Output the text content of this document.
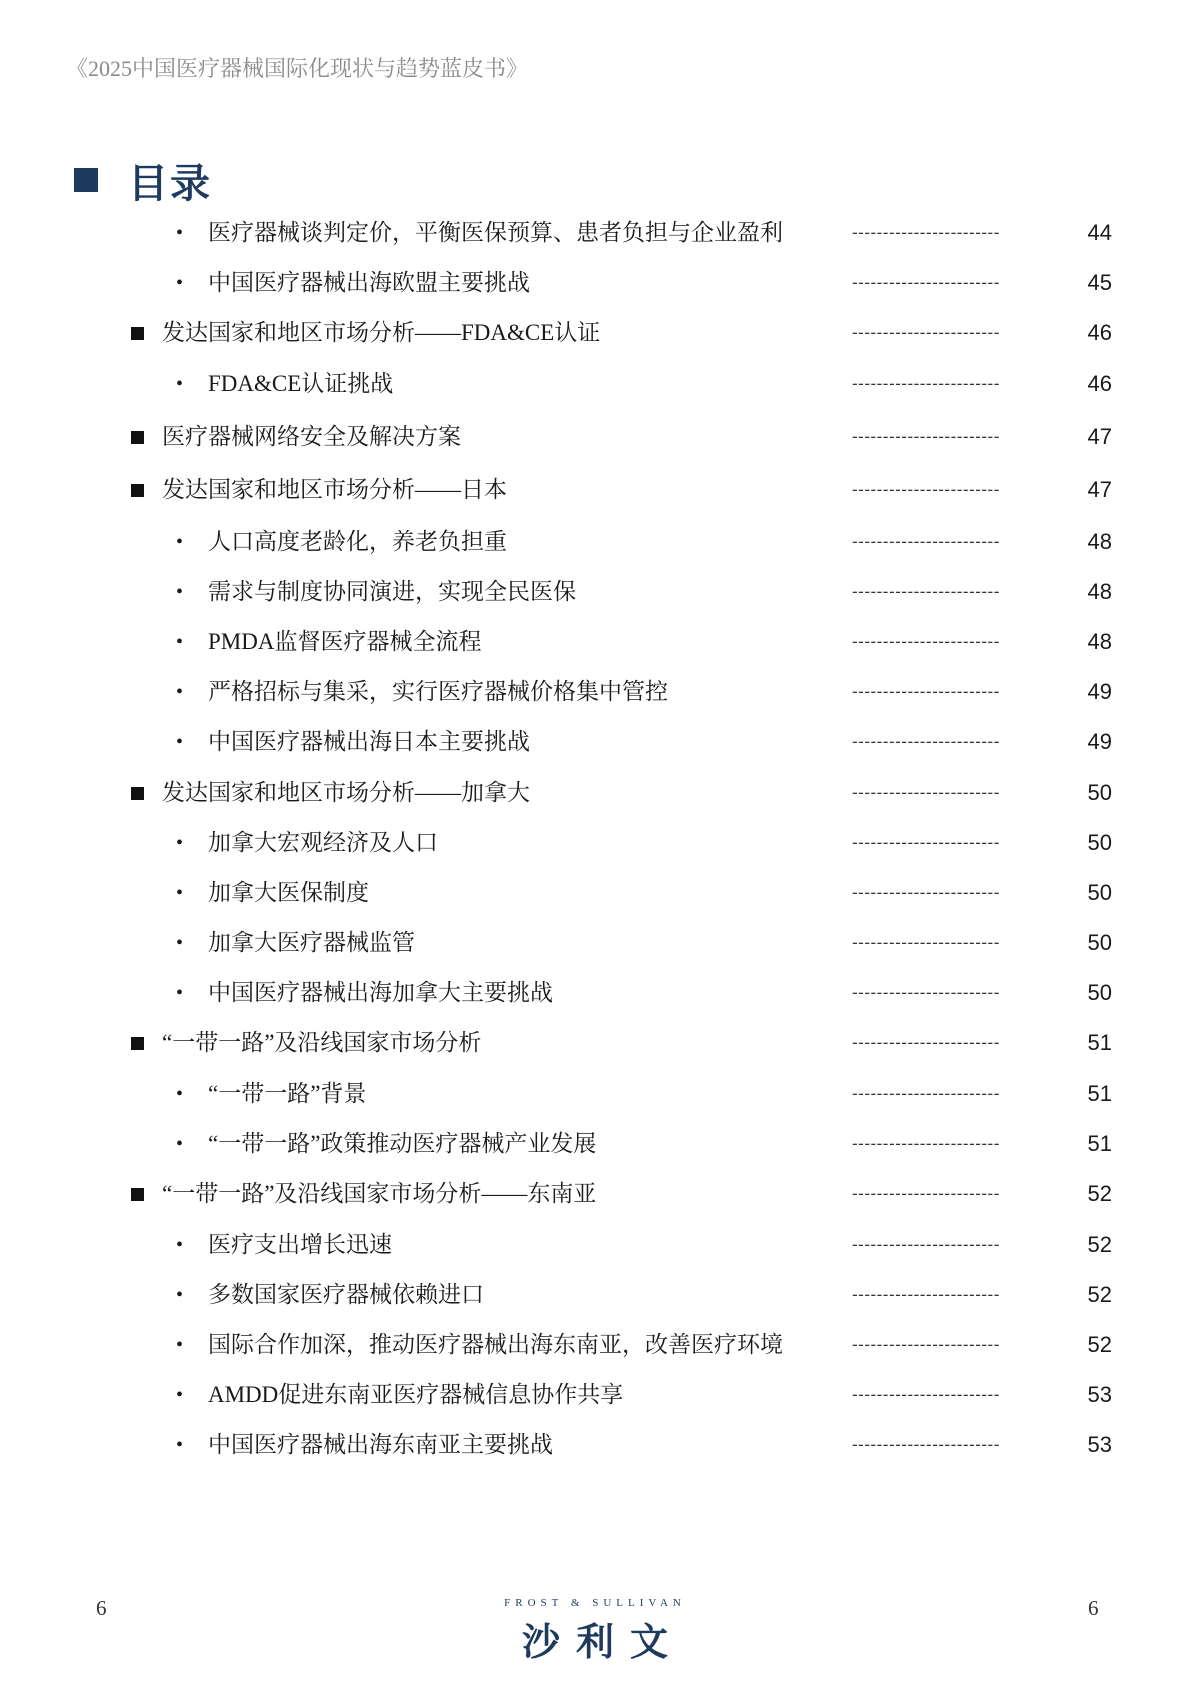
《2025中国医疗器械国际化现状与趋势蓝皮书》
目录
• 医疗器械谈判定价，平衡医保预算、患者负担与企业盈利	------------------------	44
• 中国医疗器械出海欧盟主要挑战	------------------------	45
发达国家和地区市场分析——FDA&CE认证	------------------------	46
• FDA&CE认证挑战	------------------------	46
医疗器械网络安全及解决方案	------------------------	47
发达国家和地区市场分析——日本	------------------------	47
• 人口高度老龄化，养老负担重	------------------------	48
• 需求与制度协同演进，实现全民医保	------------------------	48
• PMDA监督医疗器械全流程	------------------------	48
• 严格招标与集采，实行医疗器械价格集中管控	------------------------	49
• 中国医疗器械出海日本主要挑战	------------------------	49
发达国家和地区市场分析——加拿大	------------------------	50
• 加拿大宏观经济及人口	------------------------	50
• 加拿大医保制度	------------------------	50
• 加拿大医疗器械监管	------------------------	50
• 中国医疗器械出海加拿大主要挑战	------------------------	50
“一带一路”及沿线国家市场分析	------------------------	51
• “一带一路”背景	------------------------	51
• “一带一路”政策推动医疗器械产业发展	------------------------	51
“一带一路”及沿线国家市场分析——东南亚	------------------------	52
• 医疗支出增长迅速	------------------------	52
• 多数国家医疗器械依赖进口	------------------------	52
• 国际合作加深，推动医疗器械出海东南亚，改善医疗环境	------------------------	52
• AMDD促进东南亚医疗器械信息协作共享	------------------------	53
• 中国医疗器械出海东南亚主要挑战	------------------------	53
6	FROST & SULLIVAN
沙利文
6
